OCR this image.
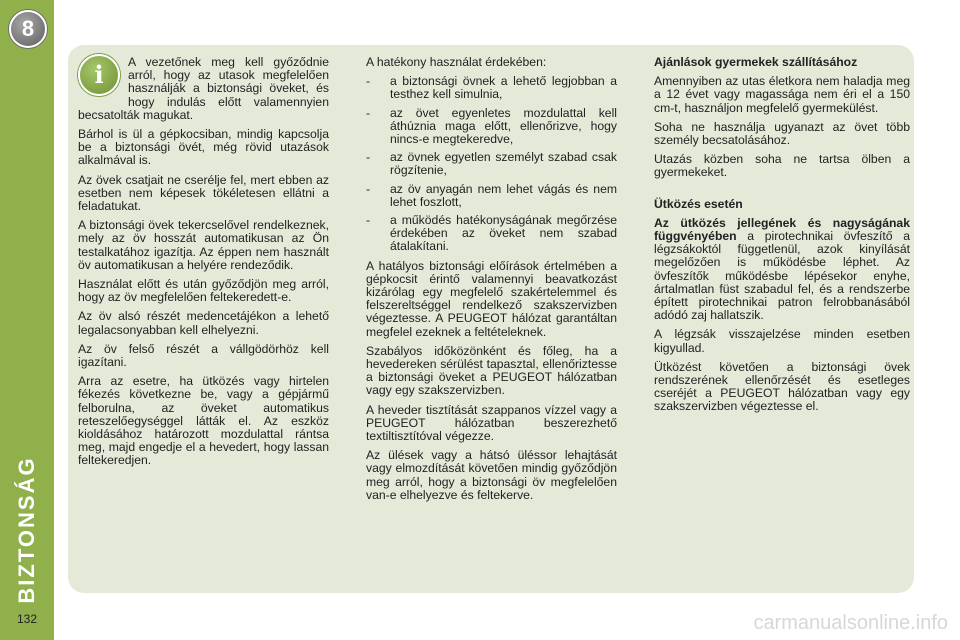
8
BIZTONSÁG
132

i	A vezetőnek meg kell győződnie arról, hogy az utasok megfelelően használják a biztonsági öveket, és hogy indulás előtt valamennyien becsatolták magukat.

Bárhol is ül a gépkocsiban, mindig kapcsolja be a biztonsági övét, még rövid utazások alkalmával is.

Az övek csatjait ne cserélje fel, mert ebben az esetben nem képesek tökéletesen ellátni a feladatukat.

A biztonsági övek tekercselővel rendelkeznek, mely az öv hosszát automatikusan az Ön testalkatához igazítja. Az éppen nem használt öv automatikusan a helyére rendeződik.

Használat előtt és után győződjön meg arról, hogy az öv megfelelően feltekeredett-e.

Az öv alsó részét medencetájékon a lehető legalacsonyabban kell elhelyezni.

Az öv felső részét a vállgödörhöz kell igazítani.

Arra az esetre, ha ütközés vagy hirtelen fékezés következne be, vagy a gépjármű felborulna, az öveket automatikus reteszelőegységgel látták el. Az eszköz kioldásához határozott mozdulattal rántsa meg, majd engedje el a hevedert, hogy lassan feltekeredjen.

A hatékony használat érdekében:

- a biztonsági övnek a lehető legjobban a testhez kell simulnia,
- az övet egyenletes mozdulattal kell áthúznia maga előtt, ellenőrizve, hogy nincs-e megtekeredve,
- az övnek egyetlen személyt szabad csak rögzítenie,
- az öv anyagán nem lehet vágás és nem lehet foszlott,
- a működés hatékonyságának megőrzése érdekében az öveket nem szabad átalakítani.

A hatályos biztonsági előírások értelmében a gépkocsit érintő valamennyi beavatkozást kizárólag egy megfelelő szakértelemmel és felszereltséggel rendelkező szakszervizben végeztesse. A PEUGEOT hálózat garantáltan megfelel ezeknek a feltételeknek.

Szabályos időközönként és főleg, ha a hevedereken sérülést tapasztal, ellenőriztesse a biztonsági öveket a PEUGEOT hálózatban vagy egy szakszervizben.

A heveder tisztítását szappanos vízzel vagy a PEUGEOT hálózatban beszerezhető textiltisztítóval végezze.

Az ülések vagy a hátsó üléssor lehajtását vagy elmozdítását követően mindig győződjön meg arról, hogy a biztonsági öv megfelelően van-e elhelyezve és feltekerve.

Ajánlások gyermekek szállításához

Amennyiben az utas életkora nem haladja meg a 12 évet vagy magassága nem éri el a 150 cm-t, használjon megfelelő gyermekülést.

Soha ne használja ugyanazt az övet több személy becsatolásához.

Utazás közben soha ne tartsa ölben a gyermekeket.

Ütközés esetén

Az ütközés jellegének és nagyságának függvényében a pirotechnikai övfeszítő a légzsákoktól függetlenül, azok kinyílását megelőzően is működésbe léphet. Az övfeszítők működésbe lépésekor enyhe, ártalmatlan füst szabadul fel, és a rendszerbe épített pirotechnikai patron felrobbanásából adódó zaj hallatszik.

A légzsák visszajelzése minden esetben kigyullad.

Ütközést követően a biztonsági övek rendszerének ellenőrzését és esetleges cseréjét a PEUGEOT hálózatban vagy egy szakszervizben végeztesse el.

carmanualsonline.info
